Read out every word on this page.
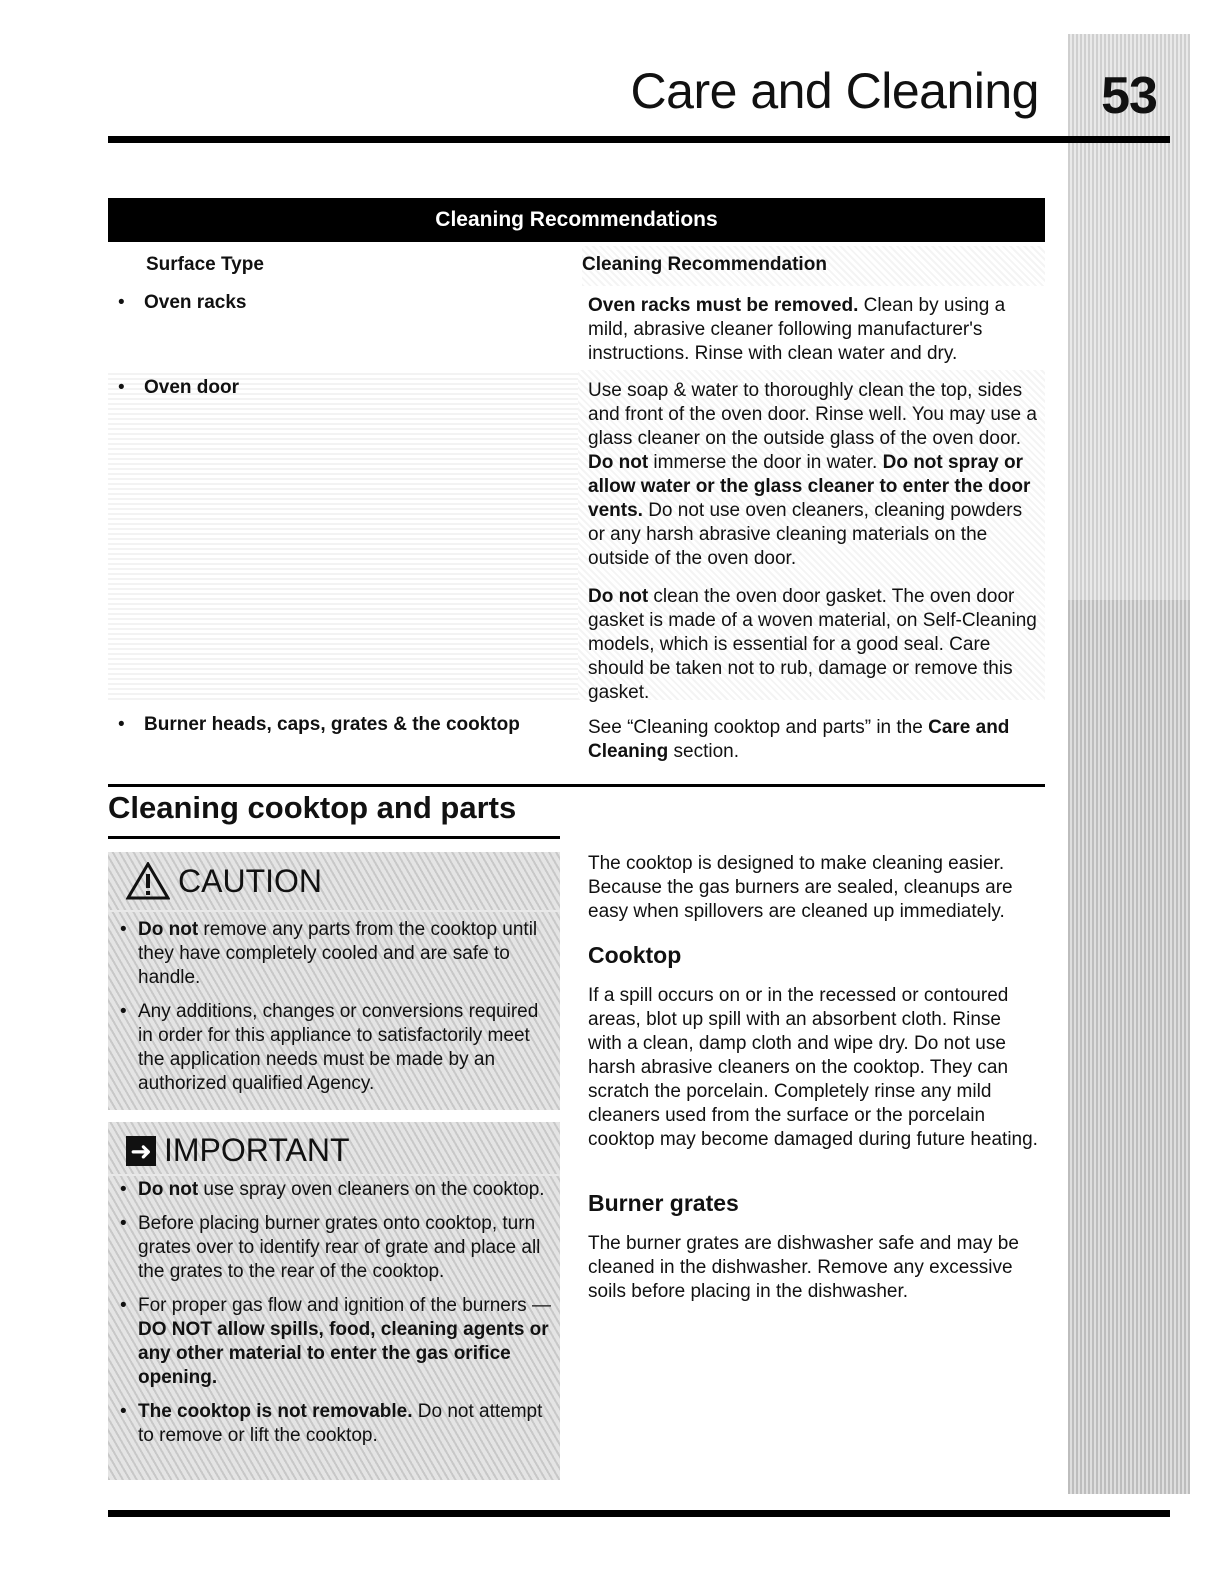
53
Care and Cleaning
Cleaning Recommendations
Surface Type	Cleaning Recommendation
• Oven racks	Oven racks must be removed. Clean by using a mild, abrasive cleaner following manufacturer's instructions. Rinse with clean water and dry.
• Oven door	Use soap & water to thoroughly clean the top, sides and front of the oven door. Rinse well. You may use a glass cleaner on the outside glass of the oven door. Do not immerse the door in water. Do not spray or allow water or the glass cleaner to enter the door vents. Do not use oven cleaners, cleaning powders or any harsh abrasive cleaning materials on the outside of the oven door.
Do not clean the oven door gasket. The oven door gasket is made of a woven material, on Self-Cleaning models, which is essential for a good seal. Care should be taken not to rub, damage or remove this gasket.
• Burner heads, caps, grates & the cooktop	See “Cleaning cooktop and parts” in the Care and Cleaning section.
Cleaning cooktop and parts
CAUTION
• Do not remove any parts from the cooktop until they have completely cooled and are safe to handle.
• Any additions, changes or conversions required in order for this appliance to satisfactorily meet the application needs must be made by an authorized qualified Agency.
➜ IMPORTANT
• Do not use spray oven cleaners on the cooktop.
• Before placing burner grates onto cooktop, turn grates over to identify rear of grate and place all the grates to the rear of the cooktop.
• For proper gas flow and ignition of the burners — DO NOT allow spills, food, cleaning agents or any other material to enter the gas orifice opening.
• The cooktop is not removable. Do not attempt to remove or lift the cooktop.
The cooktop is designed to make cleaning easier. Because the gas burners are sealed, cleanups are easy when spillovers are cleaned up immediately.
Cooktop
If a spill occurs on or in the recessed or contoured areas, blot up spill with an absorbent cloth. Rinse with a clean, damp cloth and wipe dry. Do not use harsh abrasive cleaners on the cooktop. They can scratch the porcelain. Completely rinse any mild cleaners used from the surface or the porcelain cooktop may become damaged during future heating.
Burner grates
The burner grates are dishwasher safe and may be cleaned in the dishwasher. Remove any excessive soils before placing in the dishwasher.
